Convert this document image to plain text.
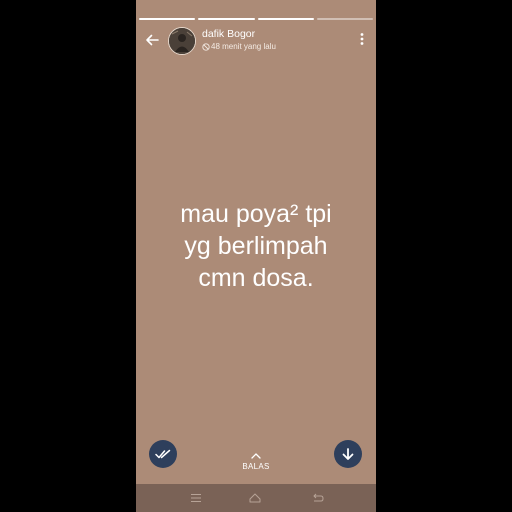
dafik Bogor
48 menit yang lalu
mau poya² tpi
yg berlimpah
cmn dosa.
BALAS
